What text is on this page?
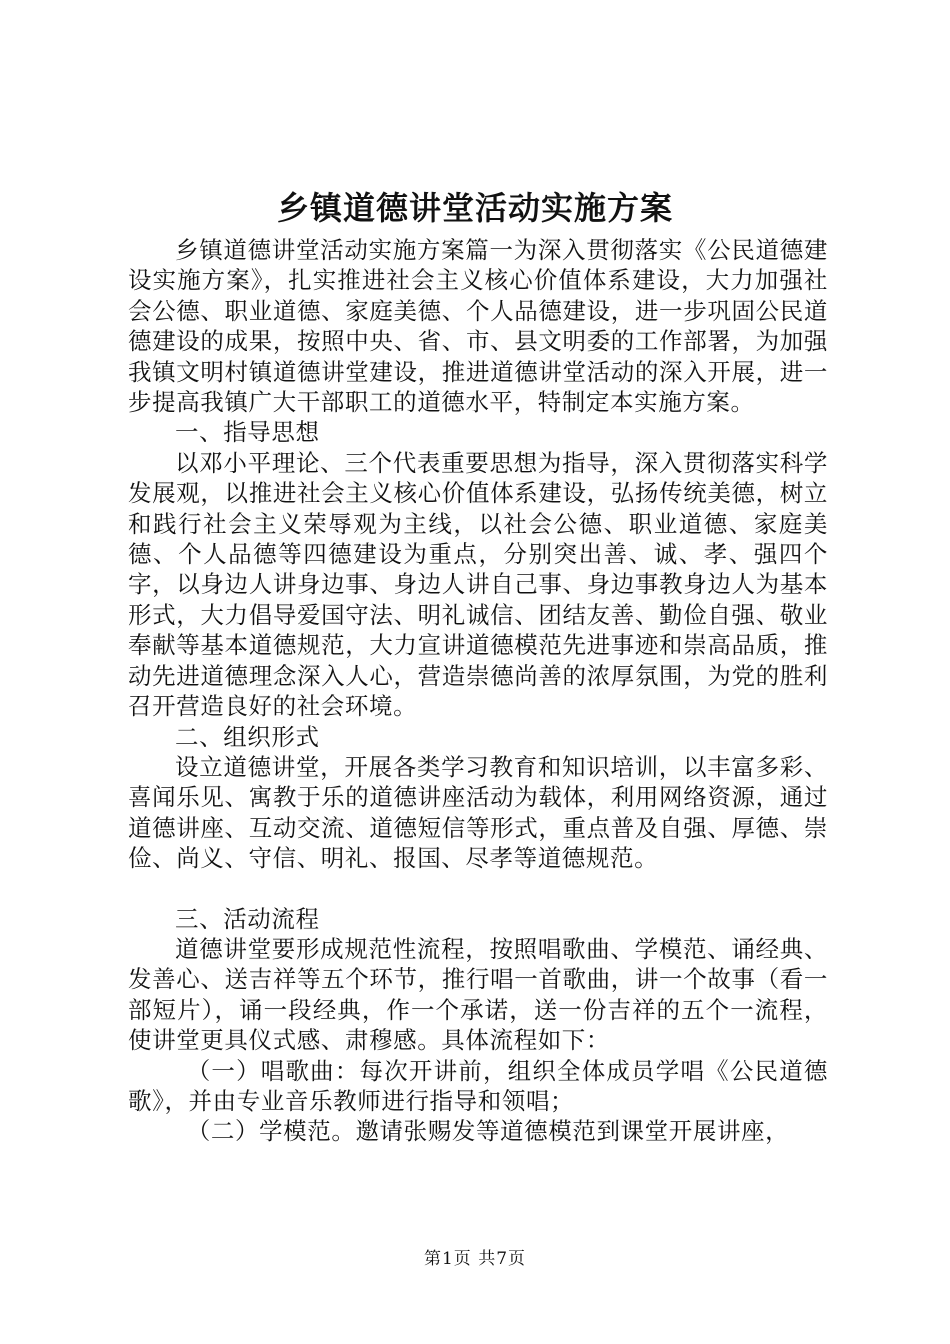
乡镇道德讲堂活动实施方案

乡镇道德讲堂活动实施方案篇一为深入贯彻落实《公民道德建设实施方案》，扎实推进社会主义核心价值体系建设，大力加强社会公德、职业道德、家庭美德、个人品德建设，进一步巩固公民道德建设的成果，按照中央、省、市、县文明委的工作部署，为加强我镇文明村镇道德讲堂建设，推进道德讲堂活动的深入开展，进一步提高我镇广大干部职工的道德水平，特制定本实施方案。

一、指导思想

以邓小平理论、三个代表重要思想为指导，深入贯彻落实科学发展观，以推进社会主义核心价值体系建设，弘扬传统美德，树立和践行社会主义荣辱观为主线，以社会公德、职业道德、家庭美德、个人品德等四德建设为重点，分别突出善、诚、孝、强四个字，以身边人讲身边事、身边人讲自己事、身边事教身边人为基本形式，大力倡导爱国守法、明礼诚信、团结友善、勤俭自强、敬业奉献等基本道德规范，大力宣讲道德模范先进事迹和崇高品质，推动先进道德理念深入人心，营造崇德尚善的浓厚氛围，为党的胜利召开营造良好的社会环境。

二、组织形式

设立道德讲堂，开展各类学习教育和知识培训，以丰富多彩、喜闻乐见、寓教于乐的道德讲座活动为载体，利用网络资源，通过道德讲座、互动交流、道德短信等形式，重点普及自强、厚德、崇俭、尚义、守信、明礼、报国、尽孝等道德规范。

三、活动流程

道德讲堂要形成规范性流程，按照唱歌曲、学模范、诵经典、发善心、送吉祥等五个环节，推行唱一首歌曲，讲一个故事（看一部短片），诵一段经典，作一个承诺，送一份吉祥的五个一流程，使讲堂更具仪式感、肃穆感。具体流程如下：

（一）唱歌曲：每次开讲前，组织全体成员学唱《公民道德歌》，并由专业音乐教师进行指导和领唱；

（二）学模范。邀请张赐发等道德模范到课堂开展讲座，

第1页 共7页
